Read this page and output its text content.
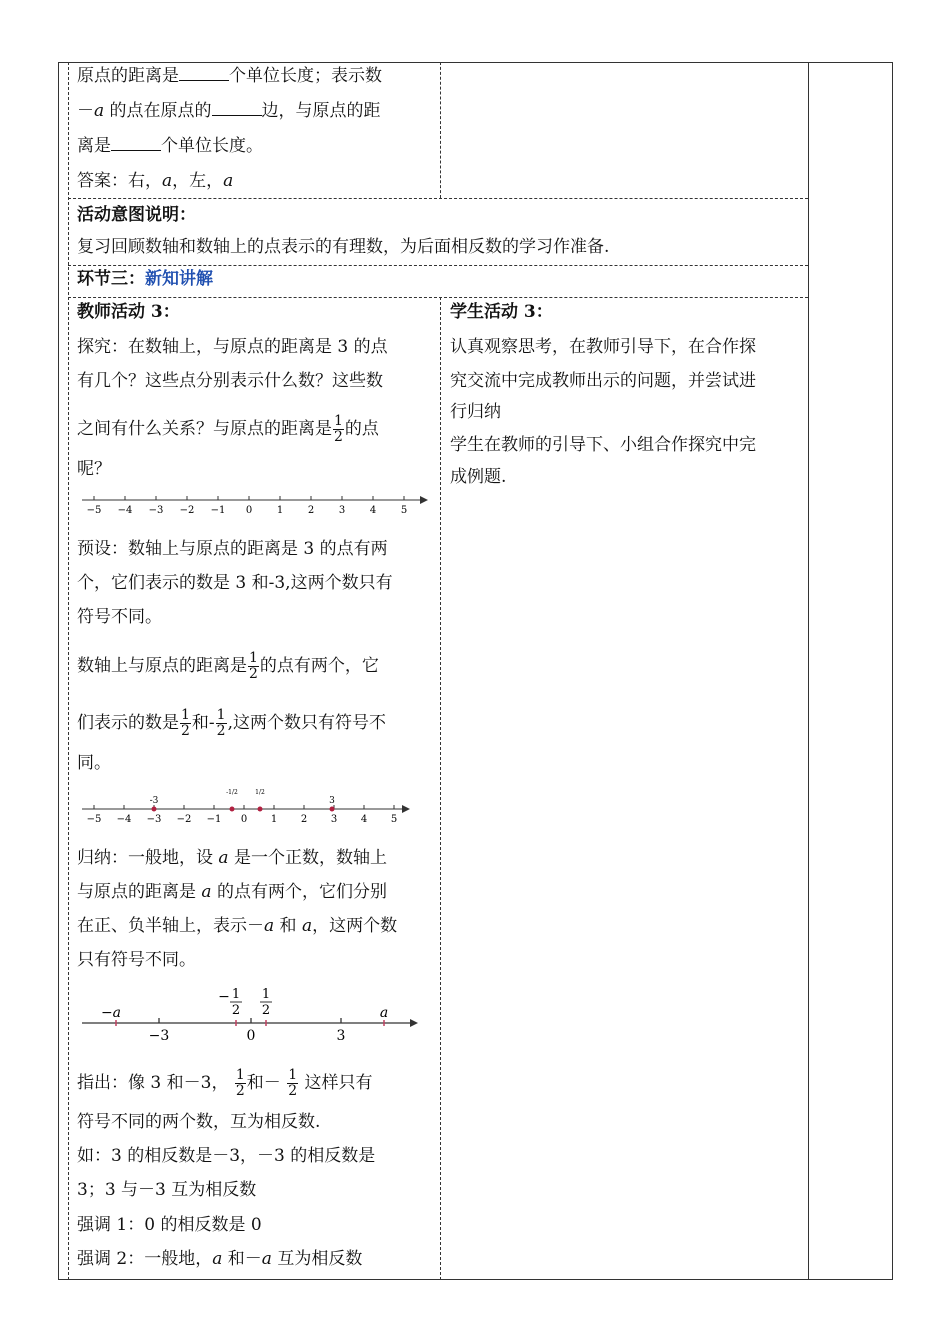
原点的距离是	个单位长度；表示数
－a 的点在原点的	边，与原点的距
离是	个单位长度。
答案：右，a，左，a
活动意图说明：
复习回顾数轴和数轴上的点表示的有理数，为后面相反数的学习作准备.
环节三：新知讲解
教师活动 3：
探究：在数轴上，与原点的距离是 3 的点
有几个？这些点分别表示什么数？这些数
之间有什么关系？与原点的距离是 $\frac{1}{2}$ 的点
呢？
−5 −4 −3 −2 −1 0 1 2 3 4 5
预设：数轴上与原点的距离是 3 的点有两
个，它们表示的数是 3 和-3,这两个数只有
符号不同。
数轴上与原点的距离是 $\frac{1}{2}$ 的点有两个，它
们表示的数是 $\frac{1}{2}$ 和- $\frac{1}{2}$ ,这两个数只有符号不
同。
−5 −4 −3 −2 −1 0 1 2 3 4 5
-3	3
-1/2	1/2
归纳：一般地，设 a 是一个正数，数轴上
与原点的距离是 a 的点有两个，它们分别
在正、负半轴上，表示－a 和 a，这两个数
只有符号不同。
−a
−3
− 1
2
1
2
0	3
a
指出：像 3 和－3， $\frac{1}{2}$ 和－ $\frac{1}{2}$ 这样只有
符号不同的两个数，互为相反数.
如：3 的相反数是－3，－3 的相反数是
3；3 与－3 互为相反数
强调 1：0 的相反数是 0
强调 2：一般地，a 和－a 互为相反数
学生活动 3：
认真观察思考，在教师引导下，在合作探
究交流中完成教师出示的问题，并尝试进
行归纳
学生在教师的引导下、小组合作探究中完
成例题.
